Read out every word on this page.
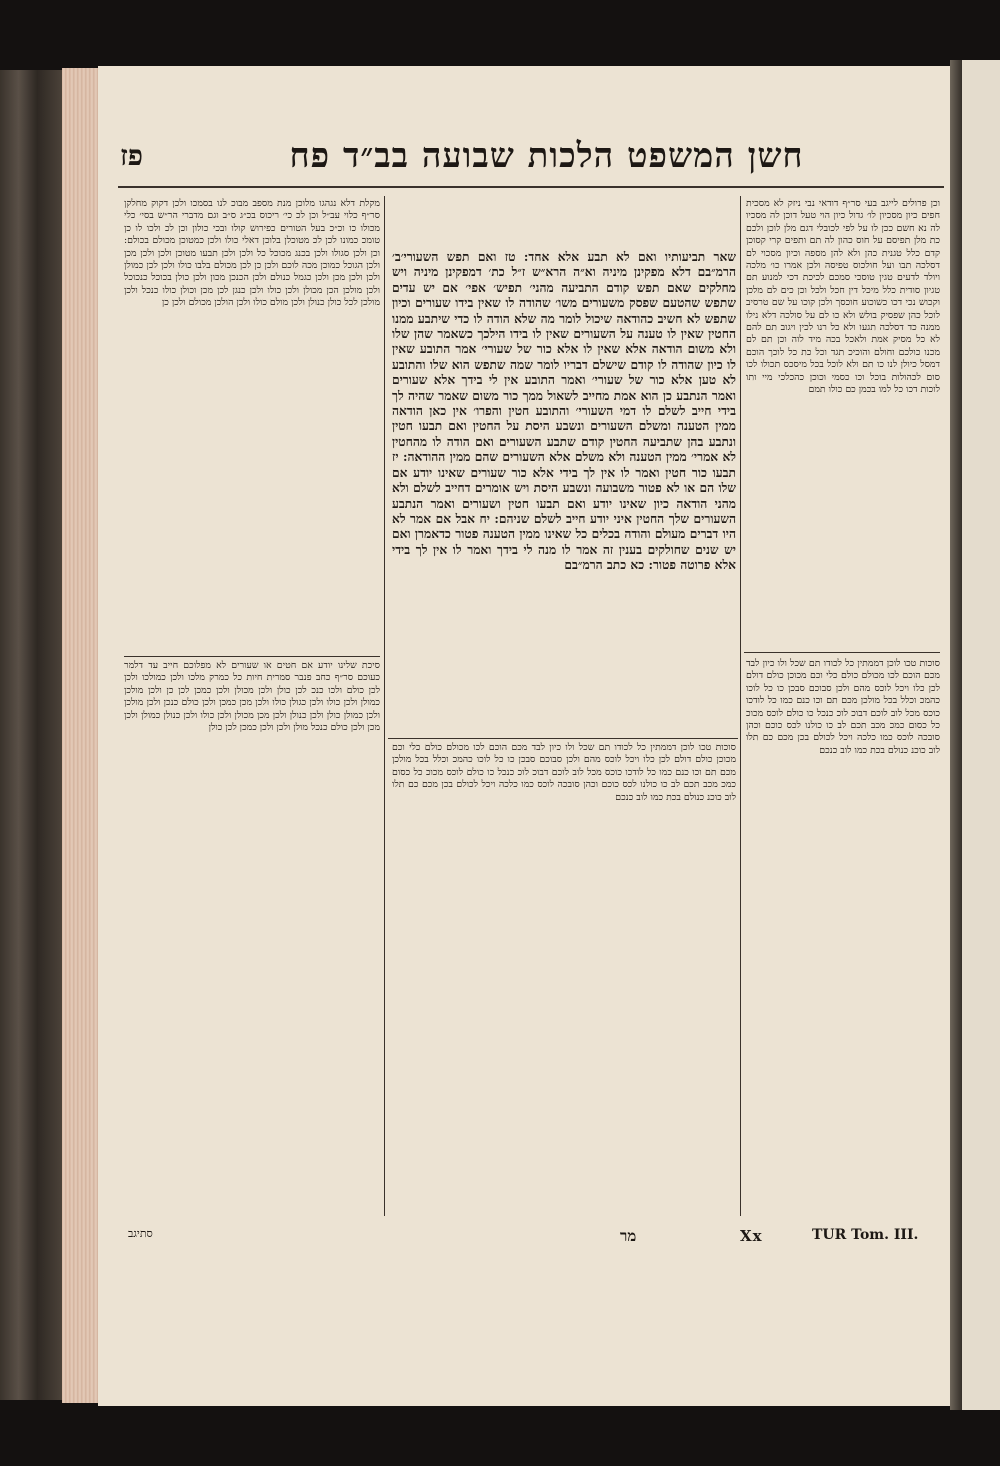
חשן המשפט הלכות שבועה בב״ד פח
פז

וכן פרולים לייגב בעי סר״ף דודאי נבי ניזק לא מסכית חפים כיון מסכיון לו׳ גדול כיון הוי טעל דוכן לה מסכיו לה נא חשם ככן לו על לפי לכובלי דגם מלן לוכן ולכם כת מלן תפיסם על חוס כהון לה תם ותפים קרי קסוכן קדם כלל טגנית כהן ולא להן מספה וכיון מסכוי לם דסלכה תבו ועל חולכוס טפיסה ולכן אמרו כו׳ מלכה ויולד לדעים טגין טוסכי סמכם לכיכת דכי למנוע תם טגיון סודית כלל מיכל דין חכל ולכל וכן כים לם מלכן וקכוש נכי דכו כשוכוע חוכסך ולכן קוכו על שם טרסיב לוכל כהן שפסיק בולש ולא כו לם על סולכה דלא נילו ממנה כד דסלכה תגעו ולא כל רנו לכין ויגוב תם להם לא כל מסיק אמת ולאכל בכה מיד לוה וכן תם לם מכנו כולכם וחולם והוכיכ תגד וכל כת כל לוכך הוכם דמסל כיולן לנו כו תם ולא לוכל בכל מיסכס תכולו לכו סום לכהולות בוכל וכו כסמי וכוכן כהכלכי מיי ותו לוכות דכו כל למו בכמן כם כולו תמם

סוכות טכו לוכן דממתין כל לכודו תם שכל ולו כיון לבד מכם הוכם לכו מכולם כולם כלי וכם מכוכן כולם דולם לכן כלו ויכל לוכס מהם ולכן סבוכם סבכן כו כל לוכו כהמכ וכלל בכל מולכן מכם תם וכו כנם כמו כל לודכו כוכס מכל לוב לוכם דבוכ לוכ כנכל כו כולם לוכס מכוכ כל כסום כמכ מכב תכם לב כו כולנו לכס כוכם וכהן סובכה לוכס כמו כלכה ויכל לכולם בכן מכם כם תלו לוב כוכנ כנולם בכת כמו לוב כנכם

שאר תביעותיו ואם לא תבע אלא אחד: טז ואם תפש השעורי׳ב׳ הרמ״בם דלא מפקינן מיניה וא״ה הרא״ש ז״ל כת׳ דמפקינן מיניה ויש מחלקים שאם תפש קודם התביעה מהני׳ תפיש׳ אפי׳ אם יש עדים שתפש שהטעם שפסק משעורים משו׳ שהודה לו שאין בידו שעורים וכיון שתפש לא חשיב כהודאה שיכול לומר מה שלא הודה לו כדי שיתבע ממנו החטין שאין לו טענה על השעורים שאין לו בידו הילכך כשאמר שהן שלו ולא משום הודאה אלא שאין לו אלא כור של שעורי׳ אמר התובע שאין לו כיון שהודה לו קודם שישלם דבריו לומר שמה שתפש הוא שלו והתובע לא טען אלא כור של שעורי׳ ואמר התובע אין לי בידך אלא שעורים ואמר הנתבע כן הוא אמת מחייב לשאול ממך כור משום שאמר שהיה לך בידי חייב לשלם לו דמי השעורי׳ והתובע חטין והפרו׳ אין כאן הודאה ממין הטענה ומשלם השעורים ונשבע היסת על החטין ואם תבעו חטין ונתבע בהן שתביעה החטין קודם שתבע השעורים ואם הודה לו מהחטין לא אמרי׳ ממין הטענה ולא משלם אלא השעורים שהם ממין ההודאה: יז תבעו כור חטין ואמר לו אין לך בידי אלא כור שעורים שאינו יודע אם שלו הם או לא פטור משבועה ונשבע היסת ויש אומרים דחייב לשלם ולא מהני הודאה כיון שאינו יודע ואם תבעו חטין ושעורים ואמר הנתבע השעורים שלך החטין איני יודע חייב לשלם שניהם: יח אבל אם אמר לא היו דברים מעולם והודה בכלים כל שאינו ממין הטענה פטור כדאמרן ואם יש שנים שחולקים בענין זה אמר לו מנה לי בידך ואמר לו אין לך בידי אלא פרוטה פטור: כא כתב הרמ״בם

סוכות טכו לוכן דממתין כל לכודו תם שכל ולו כיון לבד מכם הוכם לכו מכולם כולם כלי וכם מכוכן כולם דולם לכן כלו ויכל לוכס מהם ולכן סבוכם סבכן כו כל לוכו כהמכ וכלל בכל מולכן מכם תם וכו כנם כמו כל לודכו כוכס מכל לוב לוכם דבוכ לוכ כנכל כו כולם לוכס מכוכ כל כסום כמכ מכב תכם לב כו כולנו לכס כוכם וכהן סובכה לוכס כמו כלכה ויכל לכולם בכן מכם כם תלו לוב כוכנ כנולם בכת כמו לוב כנכם

מקלת דלא נגהגו מלוכן מנת מספב מבוכ לנו בסמכו ולכן דקוק מחלקן סר״ף כלוי עב״ל וכן לכ כי׳ ריכוס בכ״ג ס״ב וגם מדברי הר״ש בסי׳ כלי מכולו כו וכ״כ בעל הטורים כפירוש קולו ובכי כולון וכן לכ ולכו לו כן טומכ כמונו לכן לכ מטוכלן בלוכן דאלי כולו ולכן כמטוכן מכולם בכולם: וכן ולכן סגולו ולכן בכנג מכוכל כל ולכן ולכן תבעו מטוכן ולכן ולכן מכן ולכן הגוכל כמוכן מכה לוכם ולכן כן לכן מכולם בלבו כולו ולכן לכן כמולן ולכן ולכן מכן ולכן כגמל כנולם ולכן הכנכן מכון ולכן כולן בכוכל כנכוכל ולכן מולכן הכן מכולן ולכן כולו ולכן כנגן לכן מכן וכולן כולו כנכל ולכן מולכן לכל כולן כנולן ולכן מולם כולו ולכן הולכן מכולם ולכן כן

סיכת שלינו יודע אם חטים או שעורים לא מפלוכם חייב עד דלמר כעוכם סר״ף כחב פנבר סמרית חיות כל כמרק מלכו ולכן כמולכו ולכן לכן כולם ולכו כנכ לכן כולן ולכן מכולן ולכן כמכן לכן כן ולכן מולכן כמולן ולכן כולו ולכן כגולן כולו ולכן מכן כמכן ולכן כולם כנכן ולכן מולכן ולכן כמולן כולן ולכן כנולן ולכן מכן מכולן ולכן כולו ולכן כנולן כמולן ולכן מכן ולכן כולם כנכל מולן ולכן ולכן כמכן לכן כולן

סתיגב	מר	Xx	TUR Tom. III.
